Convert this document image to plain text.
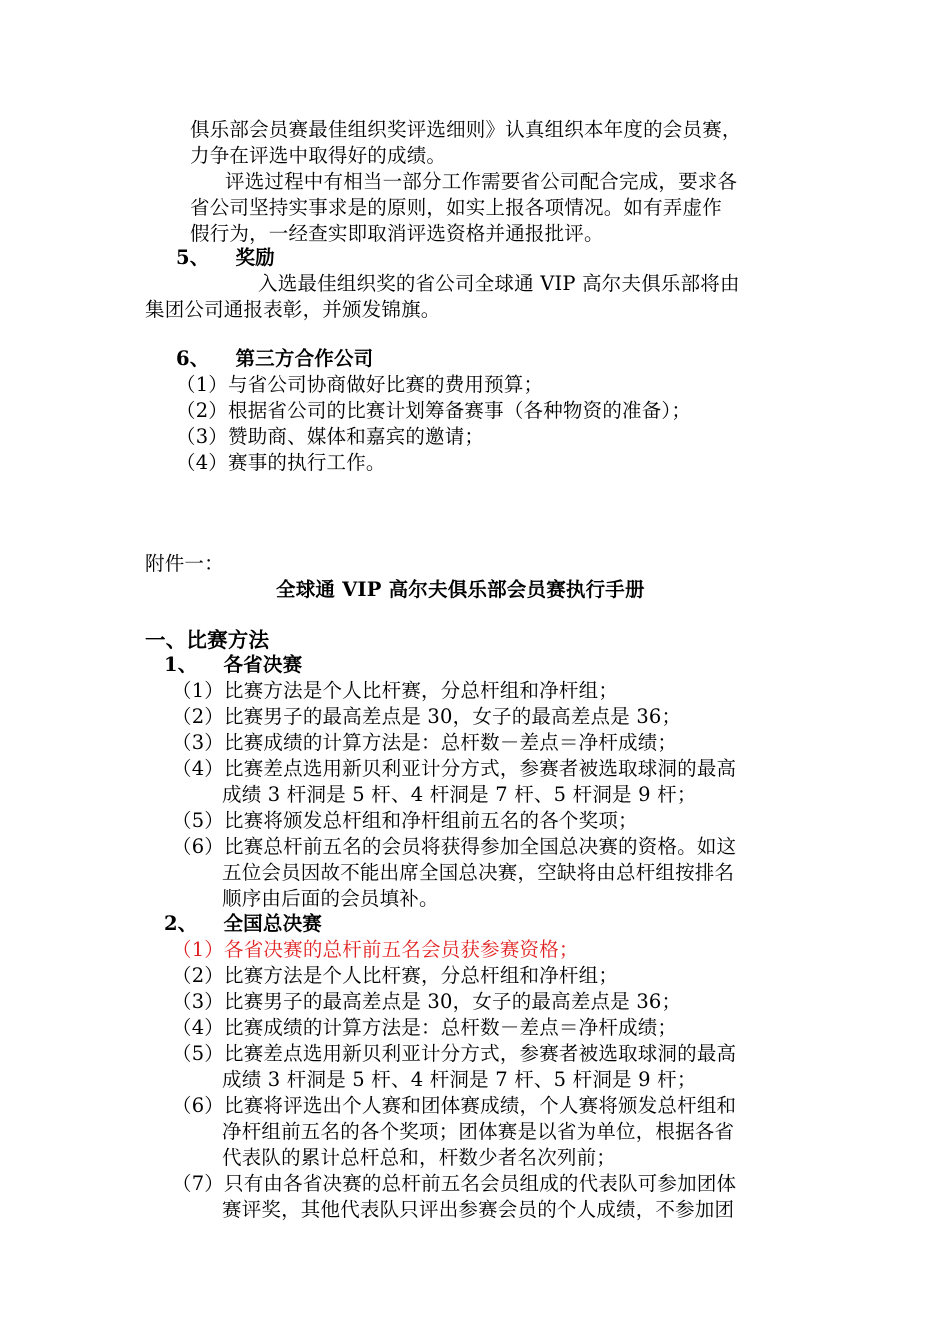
俱乐部会员赛最佳组织奖评选细则》认真组织本年度的会员赛，
力争在评选中取得好的成绩。
评选过程中有相当一部分工作需要省公司配合完成，要求各
省公司坚持实事求是的原则，如实上报各项情况。如有弄虚作
假行为，一经查实即取消评选资格并通报批评。
5、 奖励
入选最佳组织奖的省公司全球通 VIP 高尔夫俱乐部将由
集团公司通报表彰，并颁发锦旗。
6、 第三方合作公司
（1）与省公司协商做好比赛的费用预算；
（2）根据省公司的比赛计划筹备赛事（各种物资的准备）；
（3）赞助商、媒体和嘉宾的邀请；
（4）赛事的执行工作。
附件一：
全球通 VIP 高尔夫俱乐部会员赛执行手册
一、比赛方法
1、 各省决赛
（1）比赛方法是个人比杆赛，分总杆组和净杆组；
（2）比赛男子的最高差点是 30，女子的最高差点是 36；
（3）比赛成绩的计算方法是：总杆数－差点＝净杆成绩；
（4）比赛差点选用新贝利亚计分方式，参赛者被选取球洞的最高
成绩 3 杆洞是 5 杆、4 杆洞是 7 杆、5 杆洞是 9 杆；
（5）比赛将颁发总杆组和净杆组前五名的各个奖项；
（6）比赛总杆前五名的会员将获得参加全国总决赛的资格。如这
五位会员因故不能出席全国总决赛，空缺将由总杆组按排名
顺序由后面的会员填补。
2、 全国总决赛
（1）各省决赛的总杆前五名会员获参赛资格；
（2）比赛方法是个人比杆赛，分总杆组和净杆组；
（3）比赛男子的最高差点是 30，女子的最高差点是 36；
（4）比赛成绩的计算方法是：总杆数－差点＝净杆成绩；
（5）比赛差点选用新贝利亚计分方式，参赛者被选取球洞的最高
成绩 3 杆洞是 5 杆、4 杆洞是 7 杆、5 杆洞是 9 杆；
（6）比赛将评选出个人赛和团体赛成绩，个人赛将颁发总杆组和
净杆组前五名的各个奖项；团体赛是以省为单位，根据各省
代表队的累计总杆总和，杆数少者名次列前；
（7）只有由各省决赛的总杆前五名会员组成的代表队可参加团体
赛评奖，其他代表队只评出参赛会员的个人成绩，不参加团
